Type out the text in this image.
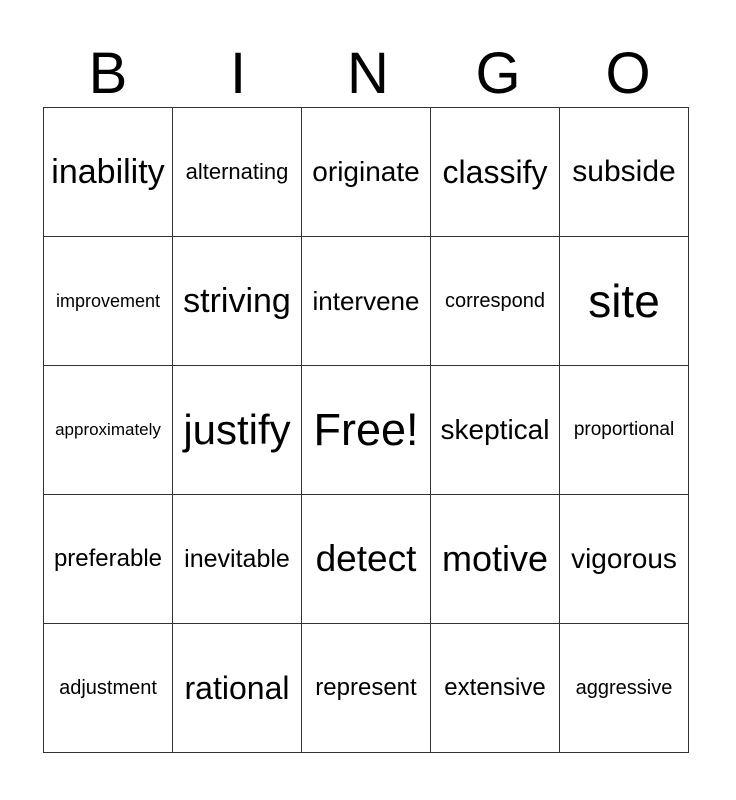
B	I	N	G	O
inability alternating originate classify subside
improvement striving intervene	correspond site
approximately justify Free! skeptical	proportional
preferable inevitable detect motive vigorous
adjustment rational	represent	extensive	aggressive
